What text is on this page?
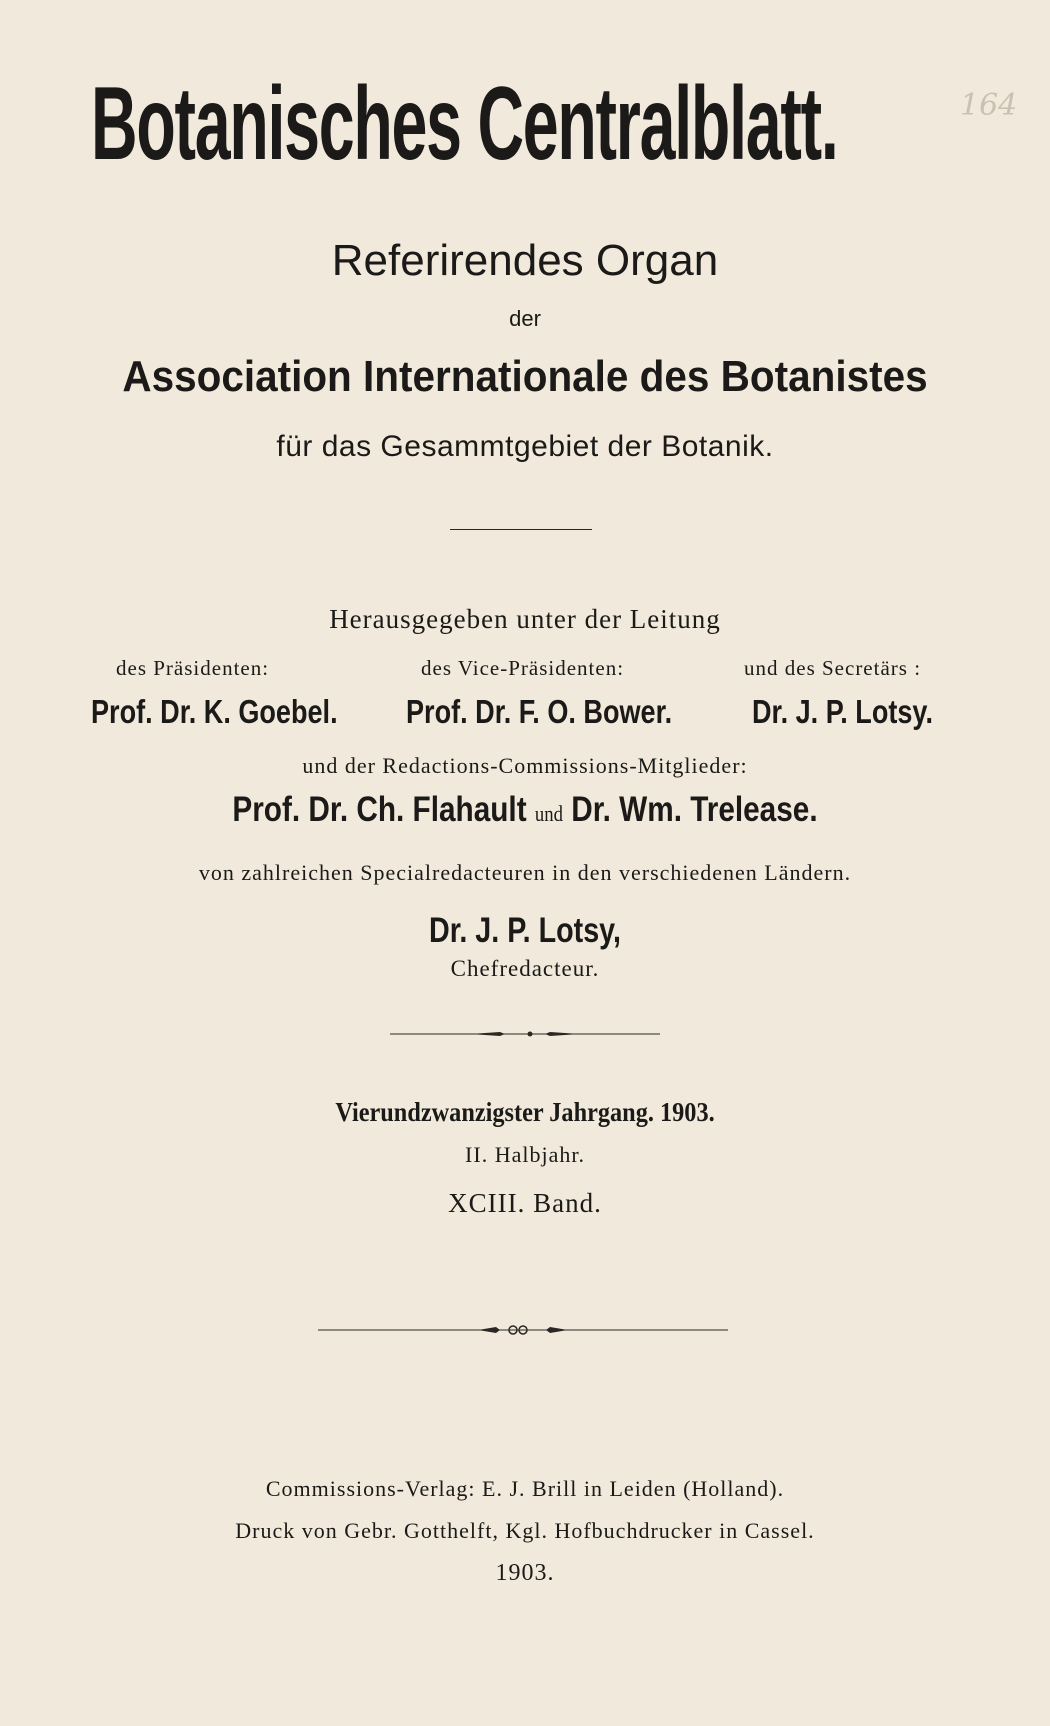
Botanisches Centralblatt.	164
Referirendes Organ
der
Association Internationale des Botanistes
für das Gesammtgebiet der Botanik.
Herausgegeben unter der Leitung
des Präsidenten:	des Vice-Präsidenten:	und des Secretärs :
Prof. Dr. K. Goebel. Prof. Dr. F. O. Bower. Dr. J. P. Lotsy.
und der Redactions-Commissions-Mitglieder:
Prof. Dr. Ch. Flahault und Dr. Wm. Trelease.
von zahlreichen Specialredacteuren in den verschiedenen Ländern.
Dr. J. P. Lotsy,
Chefredacteur.
Vierundzwanzigster Jahrgang. 1903.
II. Halbjahr.
XCIII. Band.
Commissions-Verlag: E. J. Brill in Leiden (Holland).
Druck von Gebr. Gotthelft, Kgl. Hofbuchdrucker in Cassel.
1903.
